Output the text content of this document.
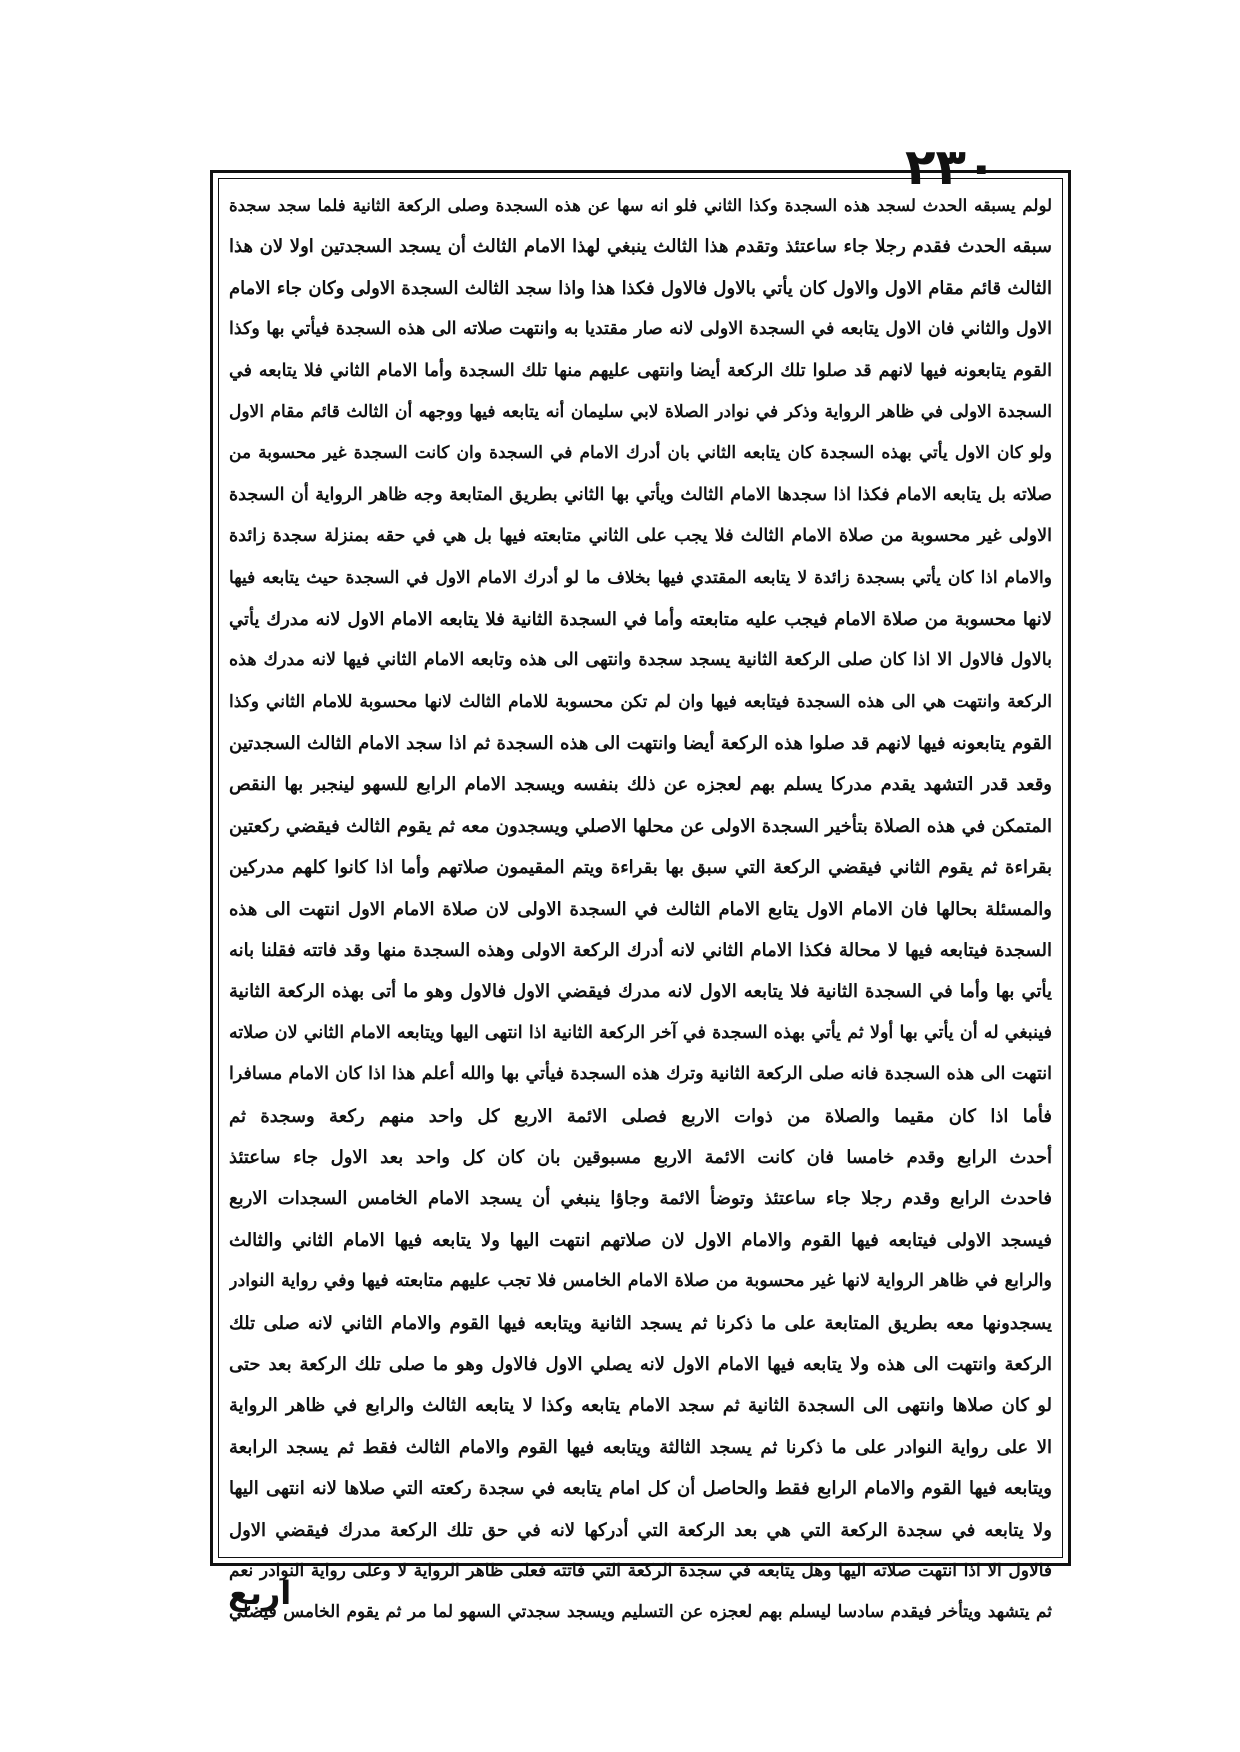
٢٣٠
لولم يسبقه الحدث لسجد هذه السجدة وكذا الثاني فلو انه سها عن هذه السجدة وصلى الركعة الثانية فلما سجد سجدة
سبقه الحدث فقدم رجلا جاء ساعتئذ وتقدم هذا الثالث ينبغي لهذا الامام الثالث أن يسجد السجدتين اولا لان هذا
الثالث قائم مقام الاول والاول كان يأتي بالاول فالاول فكذا هذا واذا سجد الثالث السجدة الاولى وكان جاء الامام
الاول والثاني فان الاول يتابعه في السجدة الاولى لانه صار مقتديا به وانتهت صلاته الى هذه السجدة فيأتي بها وكذا
القوم يتابعونه فيها لانهم قد صلوا تلك الركعة أيضا وانتهى عليهم منها تلك السجدة وأما الامام الثاني فلا يتابعه في
السجدة الاولى في ظاهر الرواية وذكر في نوادر الصلاة لابي سليمان أنه يتابعه فيها ووجهه أن الثالث قائم مقام الاول
ولو كان الاول يأتي بهذه السجدة كان يتابعه الثاني بان أدرك الامام في السجدة وان كانت السجدة غير محسوبة من
صلاته بل يتابعه الامام فكذا اذا سجدها الامام الثالث ويأتي بها الثاني بطريق المتابعة وجه ظاهر الرواية أن السجدة
الاولى غير محسوبة من صلاة الامام الثالث فلا يجب على الثاني متابعته فيها بل هي في حقه بمنزلة سجدة زائدة
والامام اذا كان يأتي بسجدة زائدة لا يتابعه المقتدي فيها بخلاف ما لو أدرك الامام الاول في السجدة حيث يتابعه فيها
لانها محسوبة من صلاة الامام فيجب عليه متابعته وأما في السجدة الثانية فلا يتابعه الامام الاول لانه مدرك يأتي
بالاول فالاول الا اذا كان صلى الركعة الثانية يسجد سجدة وانتهى الى هذه وتابعه الامام الثاني فيها لانه مدرك هذه
الركعة وانتهت هي الى هذه السجدة فيتابعه فيها وان لم تكن محسوبة للامام الثالث لانها محسوبة للامام الثاني وكذا
القوم يتابعونه فيها لانهم قد صلوا هذه الركعة أيضا وانتهت الى هذه السجدة ثم اذا سجد الامام الثالث السجدتين
وقعد قدر التشهد يقدم مدركا يسلم بهم لعجزه عن ذلك بنفسه ويسجد الامام الرابع للسهو لينجبر بها النقص
المتمكن في هذه الصلاة بتأخير السجدة الاولى عن محلها الاصلي ويسجدون معه ثم يقوم الثالث فيقضي ركعتين
بقراءة ثم يقوم الثاني فيقضي الركعة التي سبق بها بقراءة ويتم المقيمون صلاتهم وأما اذا كانوا كلهم مدركين
والمسئلة بحالها فان الامام الاول يتابع الامام الثالث في السجدة الاولى لان صلاة الامام الاول انتهت الى هذه
السجدة فيتابعه فيها لا محالة فكذا الامام الثاني لانه أدرك الركعة الاولى وهذه السجدة منها وقد فاتته فقلنا بانه
يأتي بها وأما في السجدة الثانية فلا يتابعه الاول لانه مدرك فيقضي الاول فالاول وهو ما أتى بهذه الركعة الثانية
فينبغي له أن يأتي بها أولا ثم يأتي بهذه السجدة في آخر الركعة الثانية اذا انتهى اليها ويتابعه الامام الثاني لان صلاته
انتهت الى هذه السجدة فانه صلى الركعة الثانية وترك هذه السجدة فيأتي بها والله أعلم هذا اذا كان الامام مسافرا
فأما اذا كان مقيما والصلاة من ذوات الاربع فصلى الائمة الاربع كل واحد منهم ركعة وسجدة ثم
أحدث الرابع وقدم خامسا فان كانت الائمة الاربع مسبوقين بان كان كل واحد بعد الاول جاء ساعتئذ
فاحدث الرابع وقدم رجلا جاء ساعتئذ وتوضأ الائمة وجاؤا ينبغي أن يسجد الامام الخامس السجدات الاربع
فيسجد الاولى فيتابعه فيها القوم والامام الاول لان صلاتهم انتهت اليها ولا يتابعه فيها الامام الثاني والثالث
والرابع في ظاهر الرواية لانها غير محسوبة من صلاة الامام الخامس فلا تجب عليهم متابعته فيها وفي رواية النوادر
يسجدونها معه بطريق المتابعة على ما ذكرنا ثم يسجد الثانية ويتابعه فيها القوم والامام الثاني لانه صلى تلك
الركعة وانتهت الى هذه ولا يتابعه فيها الامام الاول لانه يصلي الاول فالاول وهو ما صلى تلك الركعة بعد حتى
لو كان صلاها وانتهى الى السجدة الثانية ثم سجد الامام يتابعه وكذا لا يتابعه الثالث والرابع في ظاهر الرواية
الا على رواية النوادر على ما ذكرنا ثم يسجد الثالثة ويتابعه فيها القوم والامام الثالث فقط ثم يسجد الرابعة
ويتابعه فيها القوم والامام الرابع فقط والحاصل أن كل امام يتابعه في سجدة ركعته التي صلاها لانه انتهى اليها
ولا يتابعه في سجدة الركعة التي هي بعد الركعة التي أدركها لانه في حق تلك الركعة مدرك فيقضي الاول
فالاول الا اذا انتهت صلاته اليها وهل يتابعه في سجدة الركعة التي فاتته فعلى ظاهر الرواية لا وعلى رواية النوادر نعم
ثم يتشهد ويتأخر فيقدم سادسا ليسلم بهم لعجزه عن التسليم ويسجد سجدتي السهو لما مر ثم يقوم الخامس فيصلي
اربع
